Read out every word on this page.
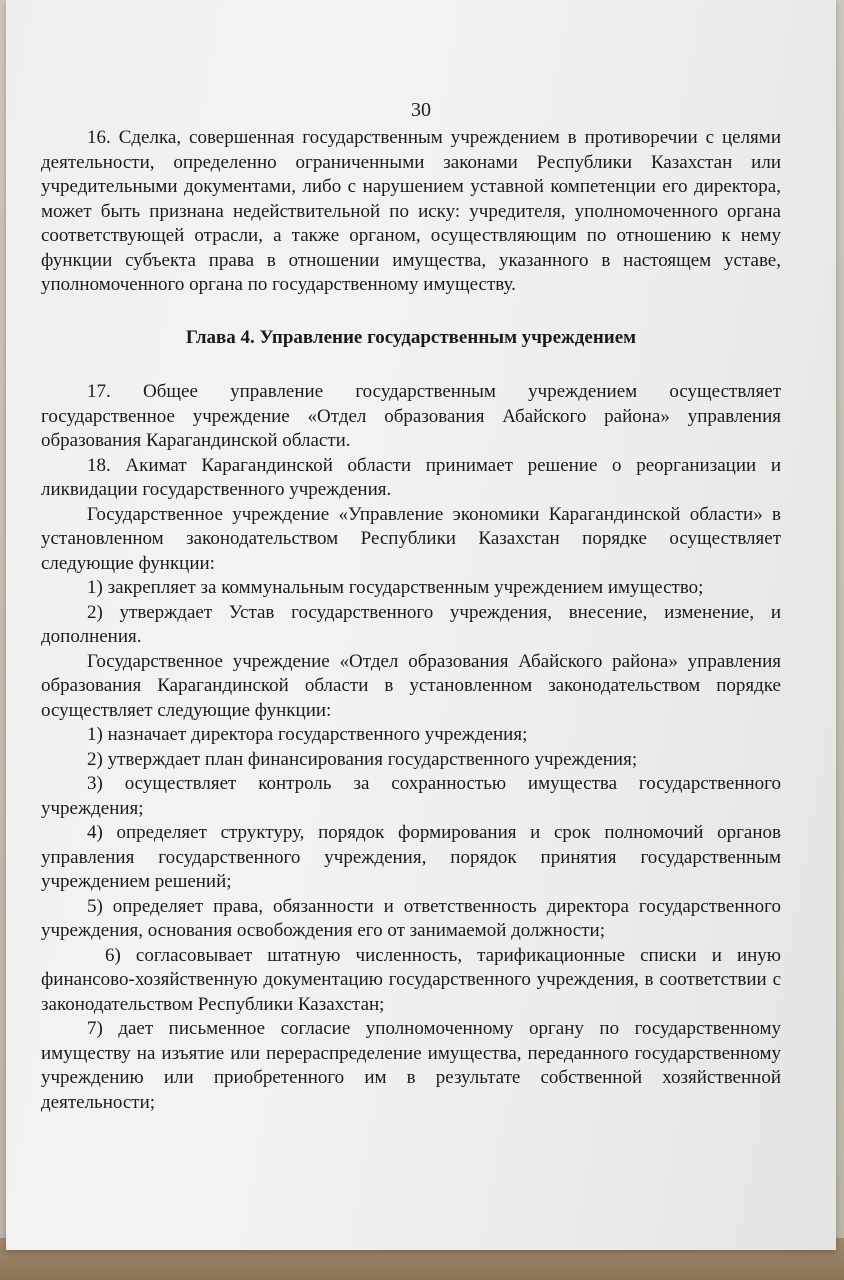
30

16. Сделка, совершенная государственным учреждением в противоречии с целями деятельности, определенно ограниченными законами Республики Казахстан или учредительными документами, либо с нарушением уставной компетенции его директора, может быть признана недействительной по иску: учредителя, уполномоченного органа соответствующей отрасли, а также органом, осуществляющим по отношению к нему функции субъекта права в отношении имущества, указанного в настоящем уставе, уполномоченного органа по государственному имуществу.

Глава 4. Управление государственным учреждением

17. Общее управление государственным учреждением осуществляет государственное учреждение «Отдел образования Абайского района» управления образования Карагандинской области.

18. Акимат Карагандинской области принимает решение о реорганизации и ликвидации государственного учреждения.

Государственное учреждение «Управление экономики Карагандинской области» в установленном законодательством Республики Казахстан порядке осуществляет следующие функции:

1) закрепляет за коммунальным государственным учреждением имущество;

2) утверждает Устав государственного учреждения, внесение, изменение, и дополнения.

Государственное учреждение «Отдел образования Абайского района» управления образования Карагандинской области в установленном законодательством порядке осуществляет следующие функции:

1) назначает директора государственного учреждения;

2) утверждает план финансирования государственного учреждения;

3) осуществляет контроль за сохранностью имущества государственного учреждения;

4) определяет структуру, порядок формирования и срок полномочий органов управления государственного учреждения, порядок принятия государственным учреждением решений;

5) определяет права, обязанности и ответственность директора государственного учреждения, основания освобождения его от занимаемой должности;

6) согласовывает штатную численность, тарификационные списки и иную финансово-хозяйственную документацию государственного учреждения, в соответствии с законодательством Республики Казахстан;

7) дает письменное согласие уполномоченному органу по государственному имуществу на изъятие или перераспределение имущества, переданного государственному учреждению или приобретенного им в результате собственной хозяйственной деятельности;
